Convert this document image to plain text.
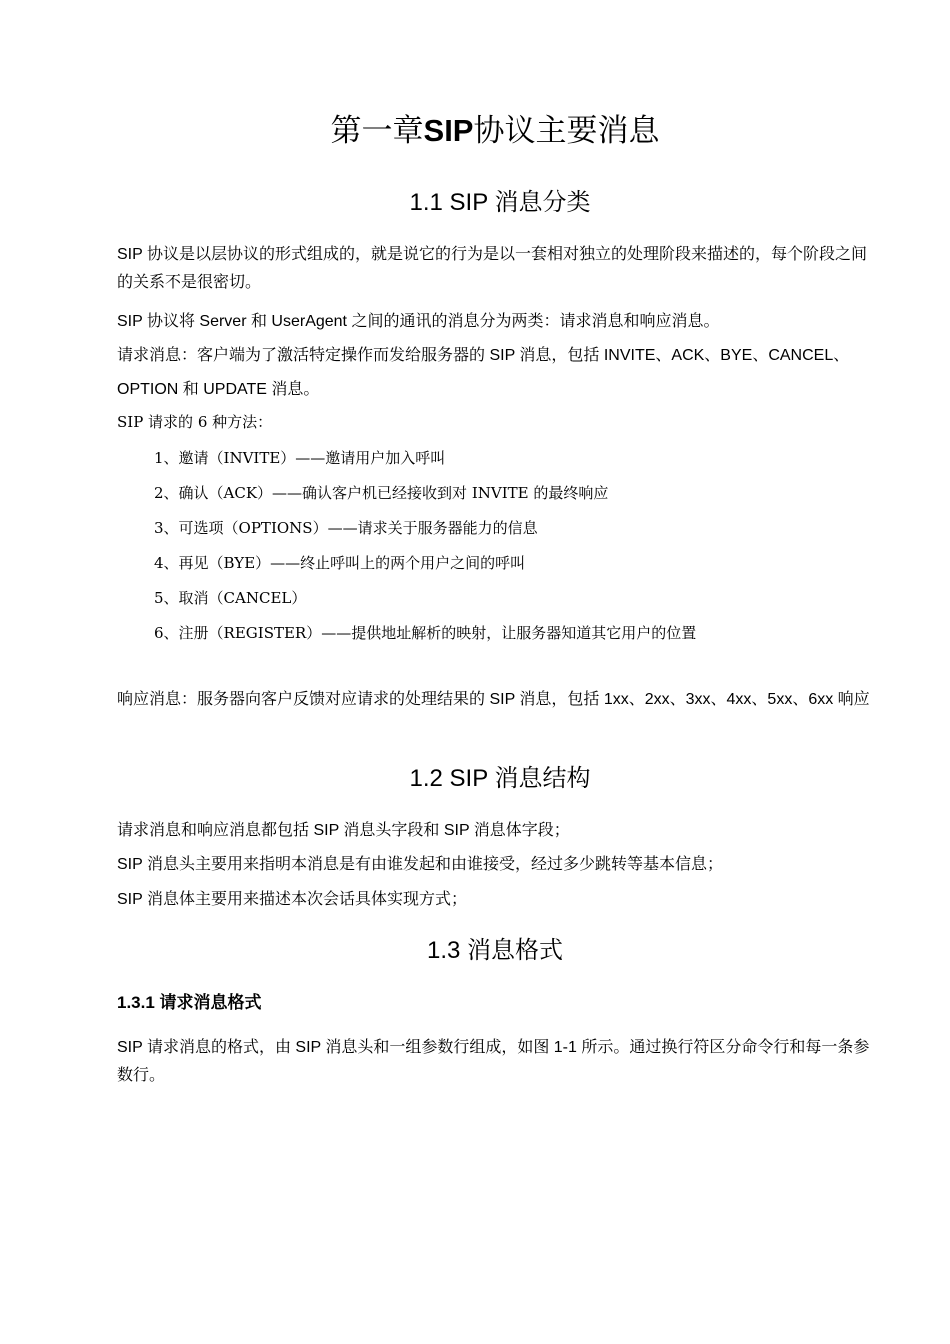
第一章SIP协议主要消息
1.1 SIP 消息分类

SIP 协议是以层协议的形式组成的，就是说它的行为是以一套相对独立的处理阶段来描述的，每个阶段之间的关系不是很密切。

SIP 协议将 Server 和 UserAgent 之间的通讯的消息分为两类：请求消息和响应消息。

请求消息：客户端为了激活特定操作而发给服务器的 SIP 消息，包括 INVITE、ACK、BYE、CANCEL、OPTION 和 UPDATE 消息。

SIP 请求的 6 种方法：

1、邀请（INVITE）——邀请用户加入呼叫

2、确认（ACK）——确认客户机已经接收到对 INVITE 的最终响应

3、可选项（OPTIONS）——请求关于服务器能力的信息

4、再见（BYE）——终止呼叫上的两个用户之间的呼叫

5、取消（CANCEL）

6、注册（REGISTER）——提供地址解析的映射，让服务器知道其它用户的位置

响应消息：服务器向客户反馈对应请求的处理结果的 SIP 消息，包括 1xx、2xx、3xx、4xx、5xx、6xx 响应

1.2 SIP 消息结构

请求消息和响应消息都包括 SIP 消息头字段和 SIP 消息体字段；

SIP 消息头主要用来指明本消息是有由谁发起和由谁接受，经过多少跳转等基本信息；

SIP 消息体主要用来描述本次会话具体实现方式；

1.3 消息格式
1.3.1 请求消息格式

SIP 请求消息的格式，由 SIP 消息头和一组参数行组成，如图 1-1 所示。通过换行符区分命令行和每一条参数行。
